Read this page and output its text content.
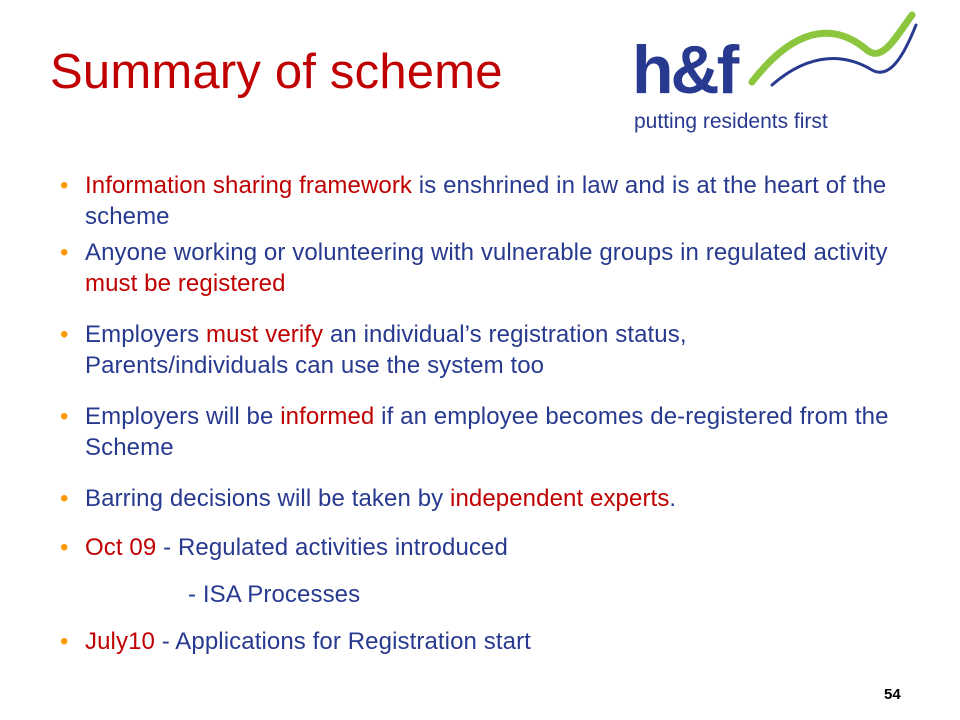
Summary of scheme h&f
putting residents first
• Information sharing framework is enshrined in law and is at the heart of the scheme
• Anyone working or volunteering with vulnerable groups in regulated activity must be registered
• Employers must verify an individual’s registration status, Parents/individuals can use the system too
• Employers will be informed if an employee becomes de-registered from the Scheme
• Barring decisions will be taken by independent experts.
• Oct 09 - Regulated activities introduced
- ISA Processes
• July10 - Applications for Registration start
54
